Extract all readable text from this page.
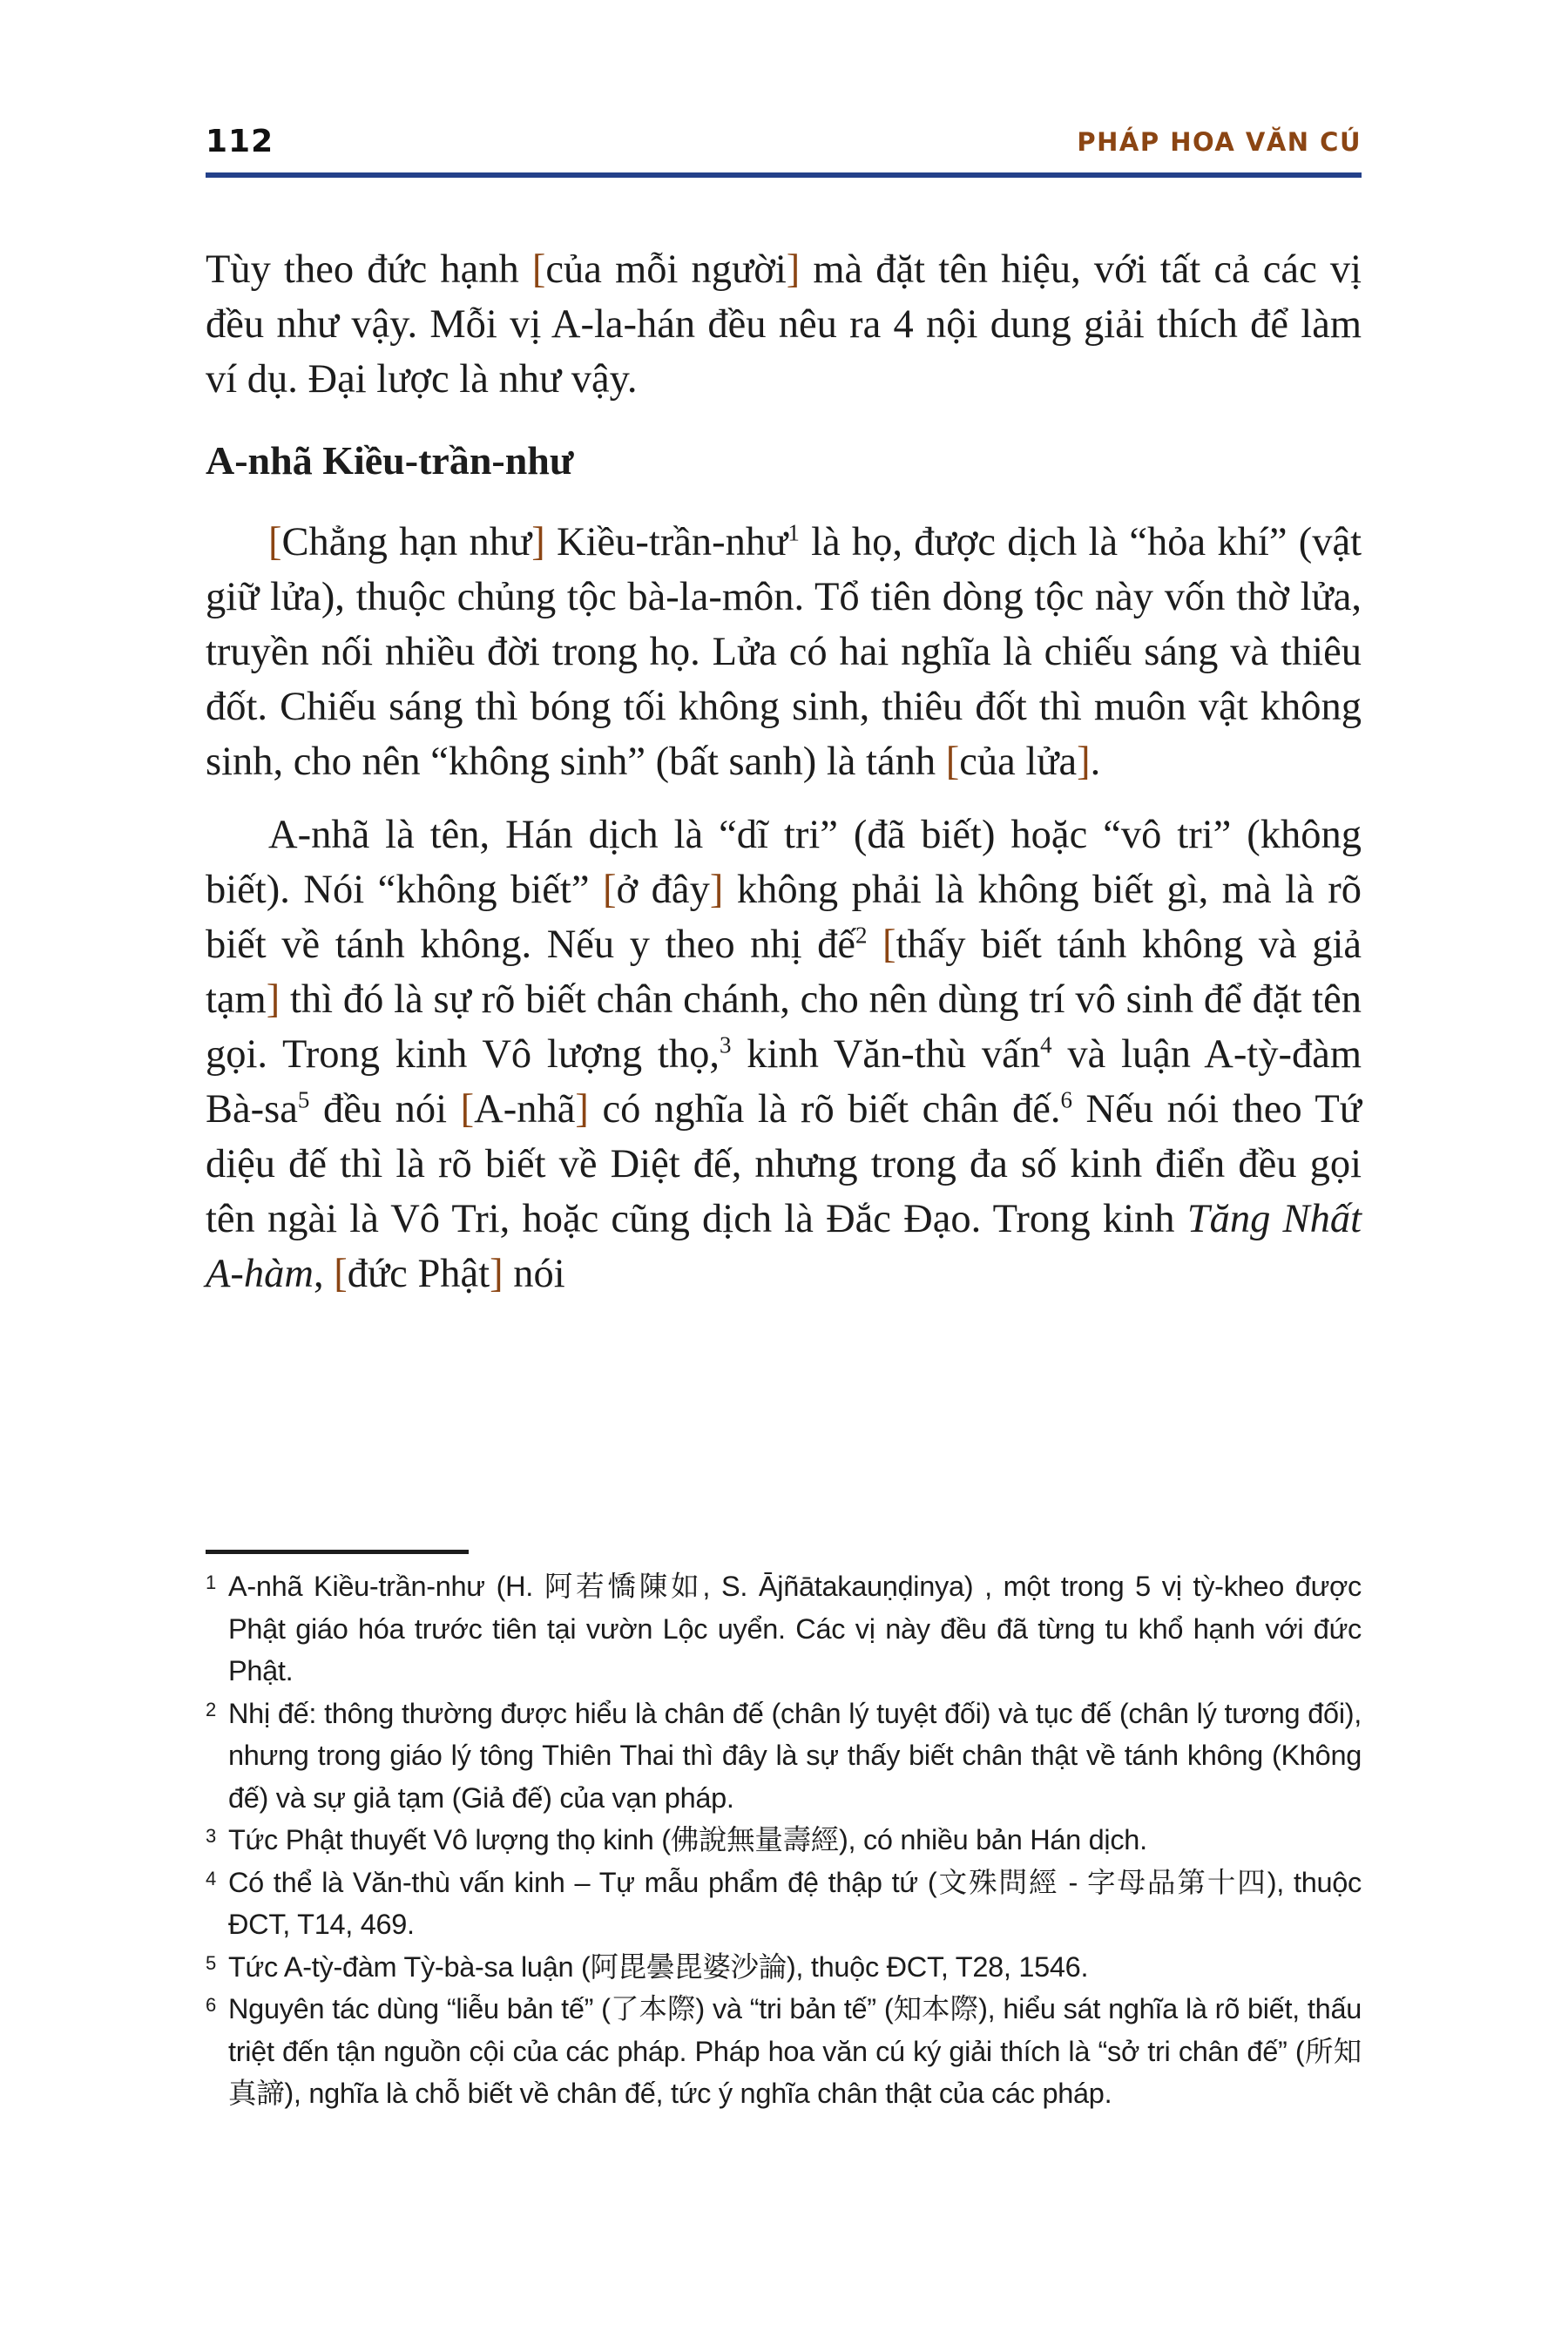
112	PHÁP HOA VĂN CÚ

Tùy theo đức hạnh [của mỗi người] mà đặt tên hiệu, với tất cả các vị đều như vậy. Mỗi vị A-la-hán đều nêu ra 4 nội dung giải thích để làm ví dụ. Đại lược là như vậy.

A-nhã Kiều-trần-như

[Chẳng hạn như] Kiều-trần-như$^1$ là họ, được dịch là “hỏa khí” (vật giữ lửa), thuộc chủng tộc bà-la-môn. Tổ tiên dòng tộc này vốn thờ lửa, truyền nối nhiều đời trong họ. Lửa có hai nghĩa là chiếu sáng và thiêu đốt. Chiếu sáng thì bóng tối không sinh, thiêu đốt thì muôn vật không sinh, cho nên “không sinh” (bất sanh) là tánh [của lửa].

A-nhã là tên, Hán dịch là “dĩ tri” (đã biết) hoặc “vô tri” (không biết). Nói “không biết” [ở đây] không phải là không biết gì, mà là rõ biết về tánh không. Nếu y theo nhị đế$^2$ [thấy biết tánh không và giả tạm] thì đó là sự rõ biết chân chánh, cho nên dùng trí vô sinh để đặt tên gọi. Trong kinh Vô lượng thọ,$^3$ kinh Văn-thù vấn$^4$ và luận A-tỳ-đàm $Bà-sa^5$ đều nói [A-nhã] có nghĩa là rõ biết chân đế.$^6$ Nếu nói theo Tứ diệu đế thì là rõ biết về Diệt đế, nhưng trong đa số kinh điển đều gọi tên ngài là Vô Tri, hoặc cũng dịch là Đắc Đạo. Trong kinh Tăng Nhất A-hàm, [đức Phật] nói

1 A-nhã Kiều-trần-như (H. 阿若憍陳如, S. Ājñātakauṇḍinya) , một trong 5 vị tỳ-kheo được Phật giáo hóa trước tiên tại vườn Lộc uyển. Các vị này đều đã từng tu khổ hạnh với đức Phật.
2 Nhị đế: thông thường được hiểu là chân đế (chân lý tuyệt đối) và tục đế (chân lý tương đối), nhưng trong giáo lý tông Thiên Thai thì đây là sự thấy biết chân thật về tánh không (Không đế) và sự giả tạm (Giả đế) của vạn pháp.
3 Tức Phật thuyết Vô lượng thọ kinh (佛說無量壽經), có nhiều bản Hán dịch.
4 Có thể là Văn-thù vấn kinh – Tự mẫu phẩm đệ thập tứ (文殊問經 - 字母品第十四), thuộc ĐCT, T14, 469.
5 Tức A-tỳ-đàm Tỳ-bà-sa luận (阿毘曇毘婆沙論), thuộc ĐCT, T28, 1546.
6 Nguyên tác dùng “liễu bản tế” (了本際) và “tri bản tế” (知本際), hiểu sát nghĩa là rõ biết, thấu triệt đến tận nguồn cội của các pháp. Pháp hoa văn cú ký giải thích là “sở tri chân đế” (所知真諦), nghĩa là chỗ biết về chân đế, tức ý nghĩa chân thật của các pháp.
